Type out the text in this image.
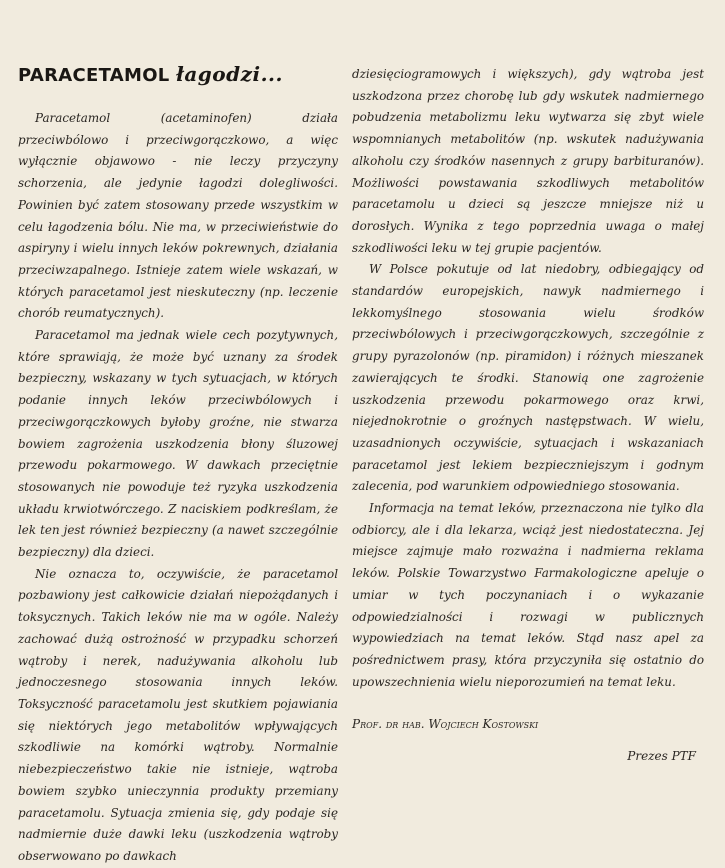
PARACETAMOL łagodzi...

Paracetamol (acetaminofen) działa przeciwbólowo i przeciwgorączkowo, a więc wyłącznie objawowo - nie leczy przyczyny schorzenia, ale jedynie łagodzi dolegliwości. Powinien być zatem stosowany przede wszystkim w celu łagodzenia bólu. Nie ma, w przeciwieństwie do aspiryny i wielu innych leków pokrewnych, działania przeciwzapalnego. Istnieje zatem wiele wskazań, w których paracetamol jest nieskuteczny (np. leczenie chorób reumatycznych).

Paracetamol ma jednak wiele cech pozytywnych, które sprawiają, że może być uznany za środek bezpieczny, wskazany w tych sytuacjach, w których podanie innych leków przeciwbólowych i przeciwgorączkowych byłoby groźne, nie stwarza bowiem zagrożenia uszkodzenia błony śluzowej przewodu pokarmowego. W dawkach przeciętnie stosowanych nie powoduje też ryzyka uszkodzenia układu krwiotwórczego. Z naciskiem podkreślam, że lek ten jest również bezpieczny (a nawet szczególnie bezpieczny) dla dzieci.

Nie oznacza to, oczywiście, że paracetamol pozbawiony jest całkowicie działań niepożądanych i toksycznych. Takich leków nie ma w ogóle. Należy zachować dużą ostrożność w przypadku schorzeń wątroby i nerek, nadużywania alkoholu lub jednoczesnego stosowania innych leków. Toksyczność paracetamolu jest skutkiem pojawiania się niektórych jego metabolitów wpływających szkodliwie na komórki wątroby. Normalnie niebezpieczeństwo takie nie istnieje, wątroba bowiem szybko unieczynnia produkty przemiany paracetamolu. Sytuacja zmienia się, gdy podaje się nadmiernie duże dawki leku (uszkodzenia wątroby obserwowano po dawkach

dziesięciogramowych i większych), gdy wątroba jest uszkodzona przez chorobę lub gdy wskutek nadmiernego pobudzenia metabolizmu leku wytwarza się zbyt wiele wspomnianych metabolitów (np. wskutek nadużywania alkoholu czy środków nasennych z grupy barbituranów). Możliwości powstawania szkodliwych metabolitów paracetamolu u dzieci są jeszcze mniejsze niż u dorosłych. Wynika z tego poprzednia uwaga o małej szkodliwości leku w tej grupie pacjentów.

W Polsce pokutuje od lat niedobry, odbiegający od standardów europejskich, nawyk nadmiernego i lekkomyślnego stosowania wielu środków przeciwbólowych i przeciwgorączkowych, szczególnie z grupy pyrazolonów (np. piramidon) i różnych mieszanek zawierających te środki. Stanowią one zagrożenie uszkodzenia przewodu pokarmowego oraz krwi, niejednokrotnie o groźnych następstwach. W wielu, uzasadnionych oczywiście, sytuacjach i wskazaniach paracetamol jest lekiem bezpieczniejszym i godnym zalecenia, pod warunkiem odpowiedniego stosowania.

Informacja na temat leków, przeznaczona nie tylko dla odbiorcy, ale i dla lekarza, wciąż jest niedostateczna. Jej miejsce zajmuje mało rozważna i nadmierna reklama leków. Polskie Towarzystwo Farmakologiczne apeluje o umiar w tych poczynaniach i o wykazanie odpowiedzialności i rozwagi w publicznych wypowiedziach na temat leków. Stąd nasz apel za pośrednictwem prasy, która przyczyniła się ostatnio do upowszechnienia wielu nieporozumień na temat leku.

Prof. dr hab. Wojciech Kostowski
Prezes PTF
